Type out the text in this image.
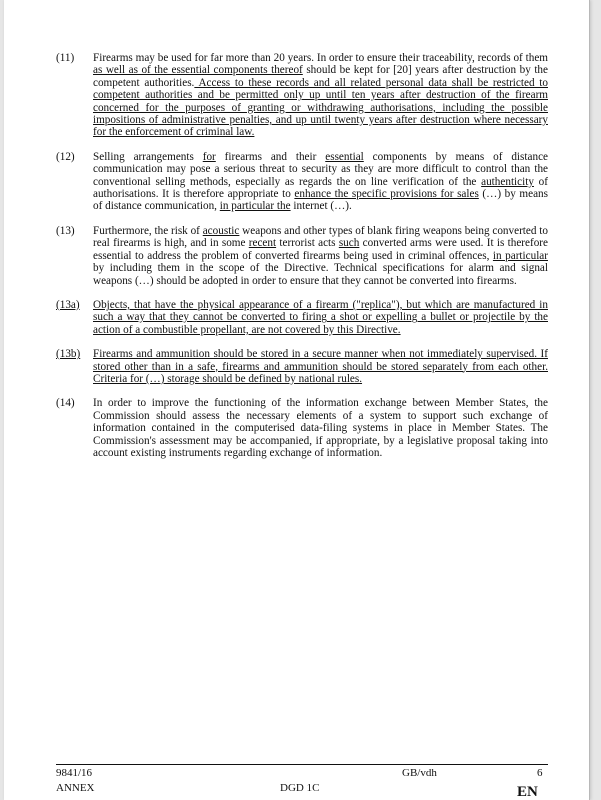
(11) Firearms may be used for far more than 20 years. In order to ensure their traceability, records of them as well as of the essential components thereof should be kept for [20] years after destruction by the competent authorities. Access to these records and all related personal data shall be restricted to competent authorities and be permitted only up until ten years after destruction of the firearm concerned for the purposes of granting or withdrawing authorisations, including the possible impositions of administrative penalties, and up until twenty years after destruction where necessary for the enforcement of criminal law.
(12) Selling arrangements for firearms and their essential components by means of distance communication may pose a serious threat to security as they are more difficult to control than the conventional selling methods, especially as regards the on line verification of the authenticity of authorisations. It is therefore appropriate to enhance the specific provisions for sales (…) by means of distance communication, in particular the internet (…).
(13) Furthermore, the risk of acoustic weapons and other types of blank firing weapons being converted to real firearms is high, and in some recent terrorist acts such converted arms were used. It is therefore essential to address the problem of converted firearms being used in criminal offences, in particular by including them in the scope of the Directive. Technical specifications for alarm and signal weapons (…) should be adopted in order to ensure that they cannot be converted into firearms.
(13a) Objects, that have the physical appearance of a firearm ("replica"), but which are manufactured in such a way that they cannot be converted to firing a shot or expelling a bullet or projectile by the action of a combustible propellant, are not covered by this Directive.
(13b) Firearms and ammunition should be stored in a secure manner when not immediately supervised. If stored other than in a safe, firearms and ammunition should be stored separately from each other. Criteria for (…) storage should be defined by national rules.
(14) In order to improve the functioning of the information exchange between Member States, the Commission should assess the necessary elements of a system to support such exchange of information contained in the computerised data-filing systems in place in Member States. The Commission's assessment may be accompanied, if appropriate, by a legislative proposal taking into account existing instruments regarding exchange of information.
9841/16
ANNEX
GB/vdh
DGD 1C
6
EN
